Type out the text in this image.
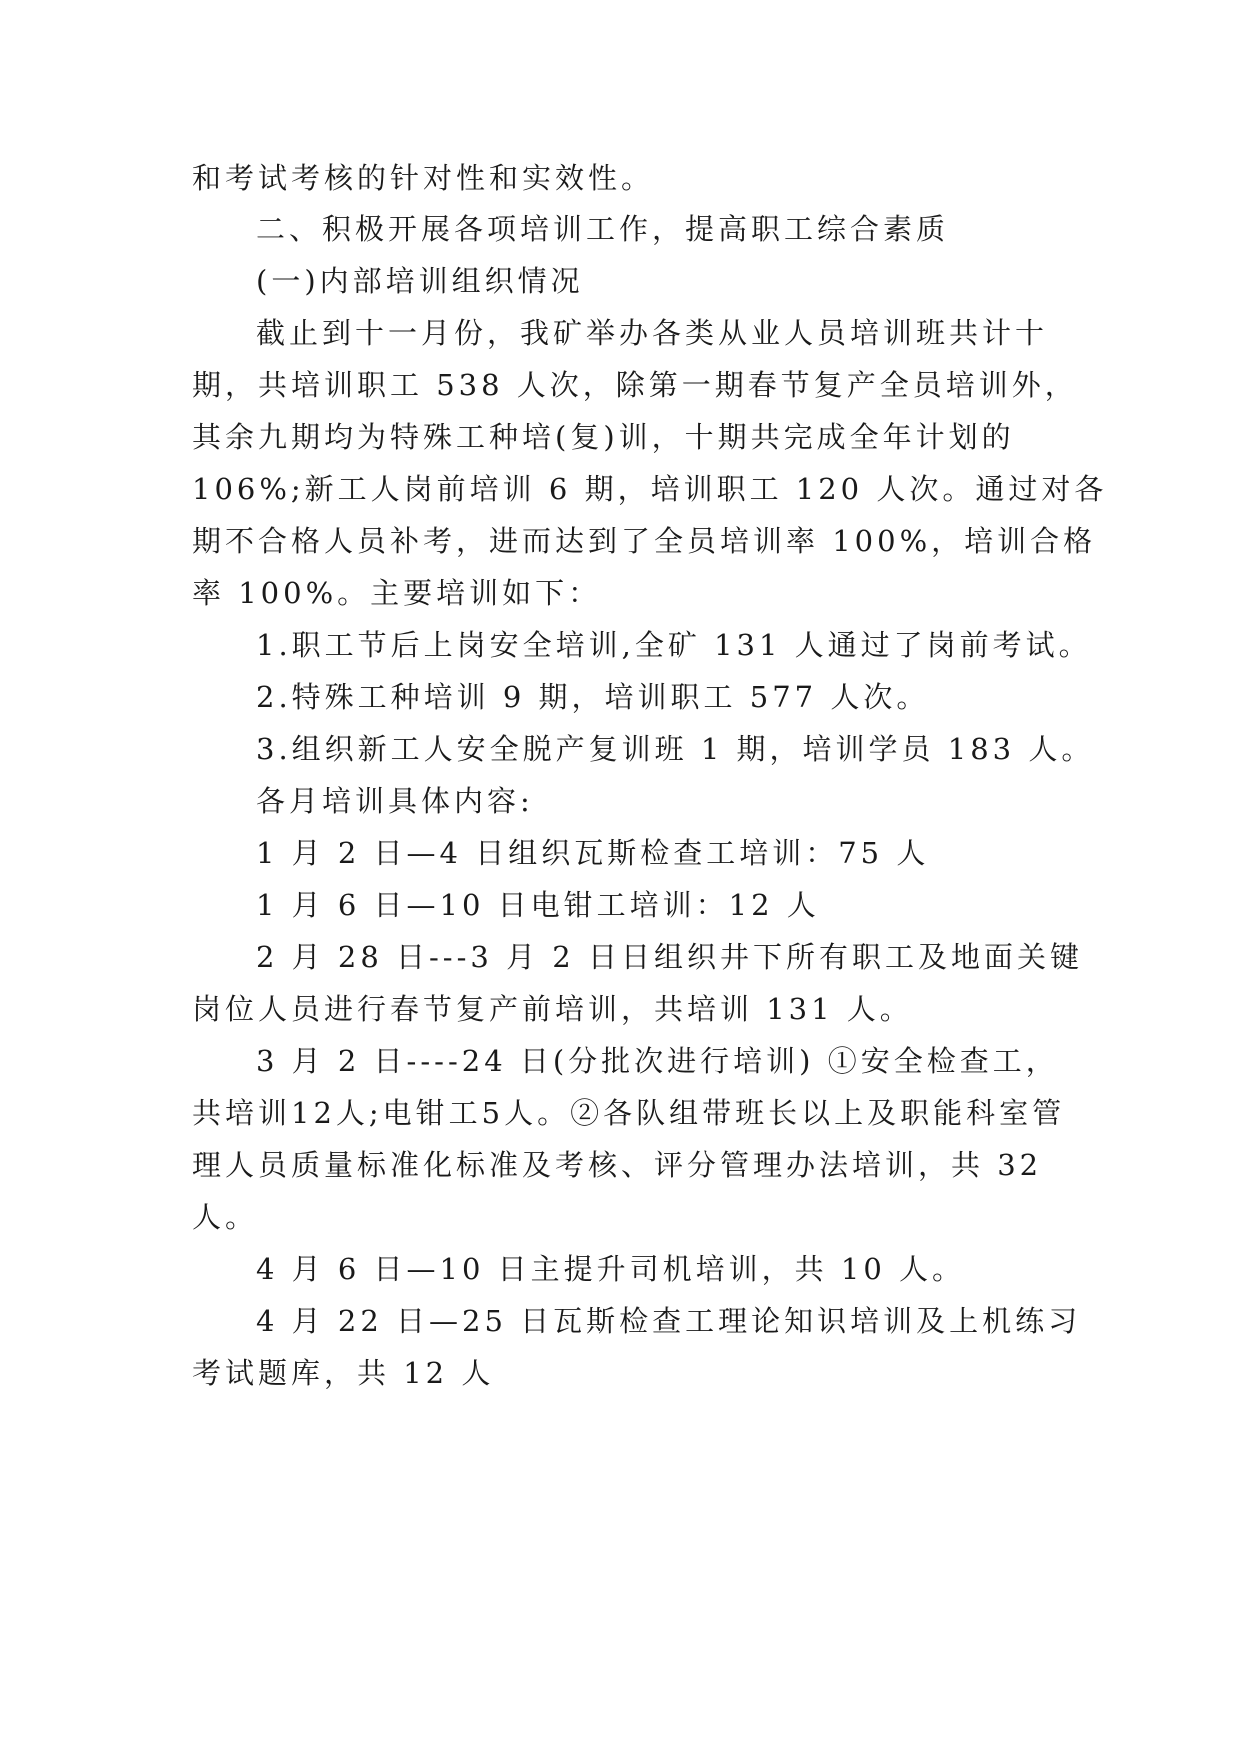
和考试考核的针对性和实效性。
二、积极开展各项培训工作，提高职工综合素质
(一)内部培训组织情况
截止到十一月份，我矿举办各类从业人员培训班共计十
期，共培训职工 538 人次，除第一期春节复产全员培训外，
其余九期均为特殊工种培(复)训，十期共完成全年计划的
106%;新工人岗前培训 6 期，培训职工 120 人次。通过对各
期不合格人员补考，进而达到了全员培训率 100%，培训合格
率 100%。主要培训如下：
1.职工节后上岗安全培训,全矿 131 人通过了岗前考试。
2.特殊工种培训 9 期，培训职工 577 人次。
3.组织新工人安全脱产复训班 1 期，培训学员 183 人。
各月培训具体内容:
1 月 2 日—4 日组织瓦斯检查工培训：75 人
1 月 6 日—10 日电钳工培训：12 人
2 月 28 日---3 月 2 日日组织井下所有职工及地面关键
岗位人员进行春节复产前培训，共培训 131 人。
3 月 2 日----24 日(分批次进行培训) ①安全检查工，
共培训12人;电钳工5人。②各队组带班长以上及职能科室管
理人员质量标准化标准及考核、评分管理办法培训，共 32
人。
4 月 6 日—10 日主提升司机培训，共 10 人。
4 月 22 日—25 日瓦斯检查工理论知识培训及上机练习
考试题库，共 12 人
